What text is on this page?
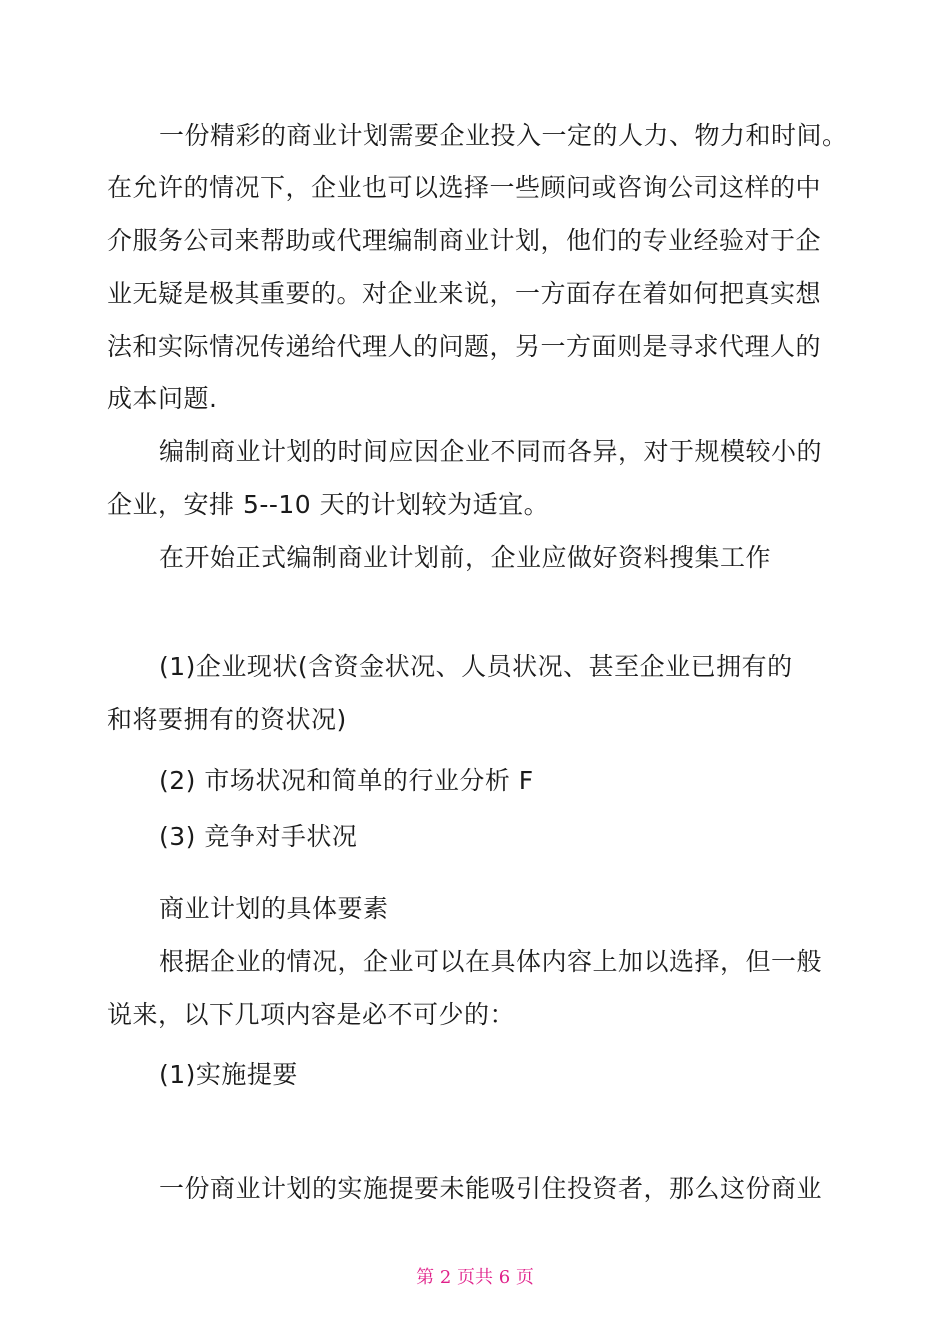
一份精彩的商业计划需要企业投入一定的人力、物力和时间。
在允许的情况下，企业也可以选择一些顾问或咨询公司这样的中
介服务公司来帮助或代理编制商业计划，他们的专业经验对于企
业无疑是极其重要的。对企业来说，一方面存在着如何把真实想
法和实际情况传递给代理人的问题，另一方面则是寻求代理人的
成本问题.
编制商业计划的时间应因企业不同而各异，对于规模较小的
企业，安排 5--10 天的计划较为适宜。
在开始正式编制商业计划前，企业应做好资料搜集工作
(1)企业现状(含资金状况、人员状况、甚至企业已拥有的
和将要拥有的资状况)
(2) 市场状况和简单的行业分析 F
(3) 竞争对手状况
商业计划的具体要素
根据企业的情况，企业可以在具体内容上加以选择，但一般
说来，以下几项内容是必不可少的：
(1)实施提要
一份商业计划的实施提要未能吸引住投资者，那么这份商业
第 2 页共 6 页
